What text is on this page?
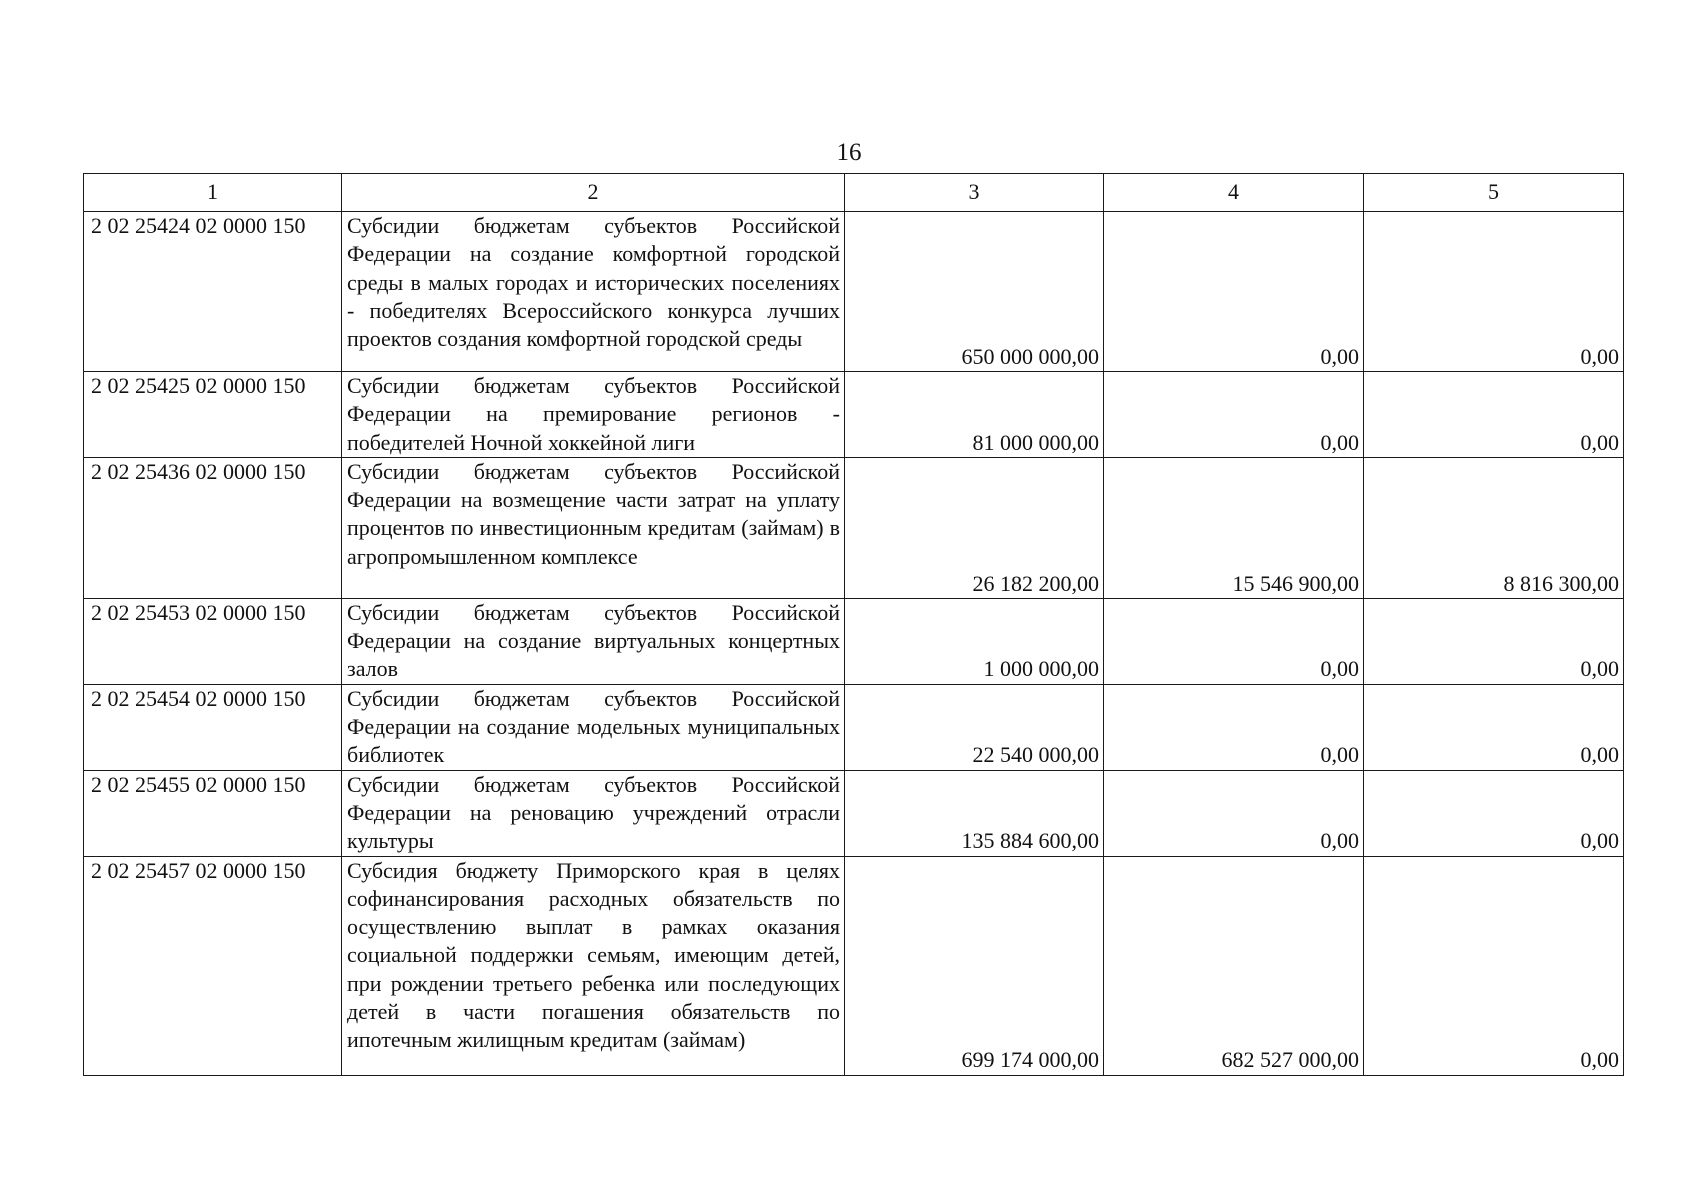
16
1	2	3	4	5
2 02 25424 02 0000 150	Субсидии бюджетам субъектов Российской Федерации на создание комфортной городской среды в малых городах и исторических поселениях - победителях Всероссийского конкурса лучших проектов создания комфортной городской среды	650 000 000,00	0,00	0,00
2 02 25425 02 0000 150	Субсидии бюджетам субъектов Российской Федерации на премирование регионов - победителей Ночной хоккейной лиги	81 000 000,00	0,00	0,00
2 02 25436 02 0000 150	Субсидии бюджетам субъектов Российской Федерации на возмещение части затрат на уплату процентов по инвестиционным кредитам (займам) в агропромышленном комплексе	26 182 200,00	15 546 900,00	8 816 300,00
2 02 25453 02 0000 150	Субсидии бюджетам субъектов Российской Федерации на создание виртуальных концертных залов	1 000 000,00	0,00	0,00
2 02 25454 02 0000 150	Субсидии бюджетам субъектов Российской Федерации на создание модельных муниципальных библиотек	22 540 000,00	0,00	0,00
2 02 25455 02 0000 150	Субсидии бюджетам субъектов Российской Федерации на реновацию учреждений отрасли культуры	135 884 600,00	0,00	0,00
2 02 25457 02 0000 150	Субсидия бюджету Приморского края в целях софинансирования расходных обязательств по осуществлению выплат в рамках оказания социальной поддержки семьям, имеющим детей, при рождении третьего ребенка или последующих детей в части погашения обязательств по ипотечным жилищным кредитам (займам)	699 174 000,00	682 527 000,00	0,00
